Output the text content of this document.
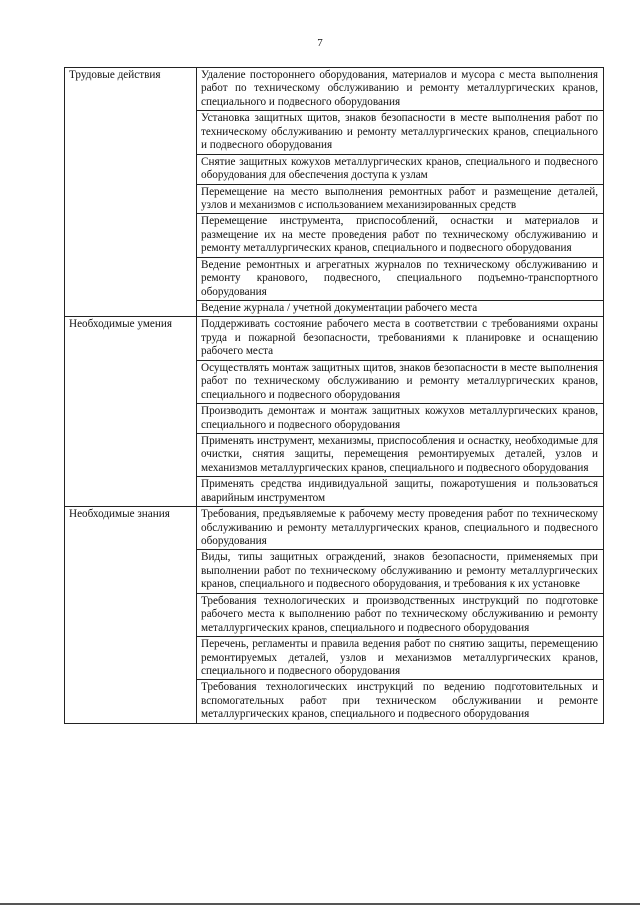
7
Трудовые действия	Удаление постороннего оборудования, материалов и мусора с места выполнения работ по техническому обслуживанию и ремонту металлургических кранов, специального и подвесного оборудования
	Установка защитных щитов, знаков безопасности в месте выполнения работ по техническому обслуживанию и ремонту металлургических кранов, специального и подвесного оборудования
	Снятие защитных кожухов металлургических кранов, специального и подвесного оборудования для обеспечения доступа к узлам
	Перемещение на место выполнения ремонтных работ и размещение деталей, узлов и механизмов с использованием механизированных средств
	Перемещение инструмента, приспособлений, оснастки и материалов и размещение их на месте проведения работ по техническому обслуживанию и ремонту металлургических кранов, специального и подвесного оборудования
	Ведение ремонтных и агрегатных журналов по техническому обслуживанию и ремонту кранового, подвесного, специального подъемно-транспортного оборудования
	Ведение журнала / учетной документации рабочего места
Необходимые умения	Поддерживать состояние рабочего места в соответствии с требованиями охраны труда и пожарной безопасности, требованиями к планировке и оснащению рабочего места
	Осуществлять монтаж защитных щитов, знаков безопасности в месте выполнения работ по техническому обслуживанию и ремонту металлургических кранов, специального и подвесного оборудования
	Производить демонтаж и монтаж защитных кожухов металлургических кранов, специального и подвесного оборудования
	Применять инструмент, механизмы, приспособления и оснастку, необходимые для очистки, снятия защиты, перемещения ремонтируемых деталей, узлов и механизмов металлургических кранов, специального и подвесного оборудования
	Применять средства индивидуальной защиты, пожаротушения и пользоваться аварийным инструментом
Необходимые знания	Требования, предъявляемые к рабочему месту проведения работ по техническому обслуживанию и ремонту металлургических кранов, специального и подвесного оборудования
	Виды, типы защитных ограждений, знаков безопасности, применяемых при выполнении работ по техническому обслуживанию и ремонту металлургических кранов, специального и подвесного оборудования, и требования к их установке
	Требования технологических и производственных инструкций по подготовке рабочего места к выполнению работ по техническому обслуживанию и ремонту металлургических кранов, специального и подвесного оборудования
	Перечень, регламенты и правила ведения работ по снятию защиты, перемещению ремонтируемых деталей, узлов и механизмов металлургических кранов, специального и подвесного оборудования
	Требования технологических инструкций по ведению подготовительных и вспомогательных работ при техническом обслуживании и ремонте металлургических кранов, специального и подвесного оборудования
